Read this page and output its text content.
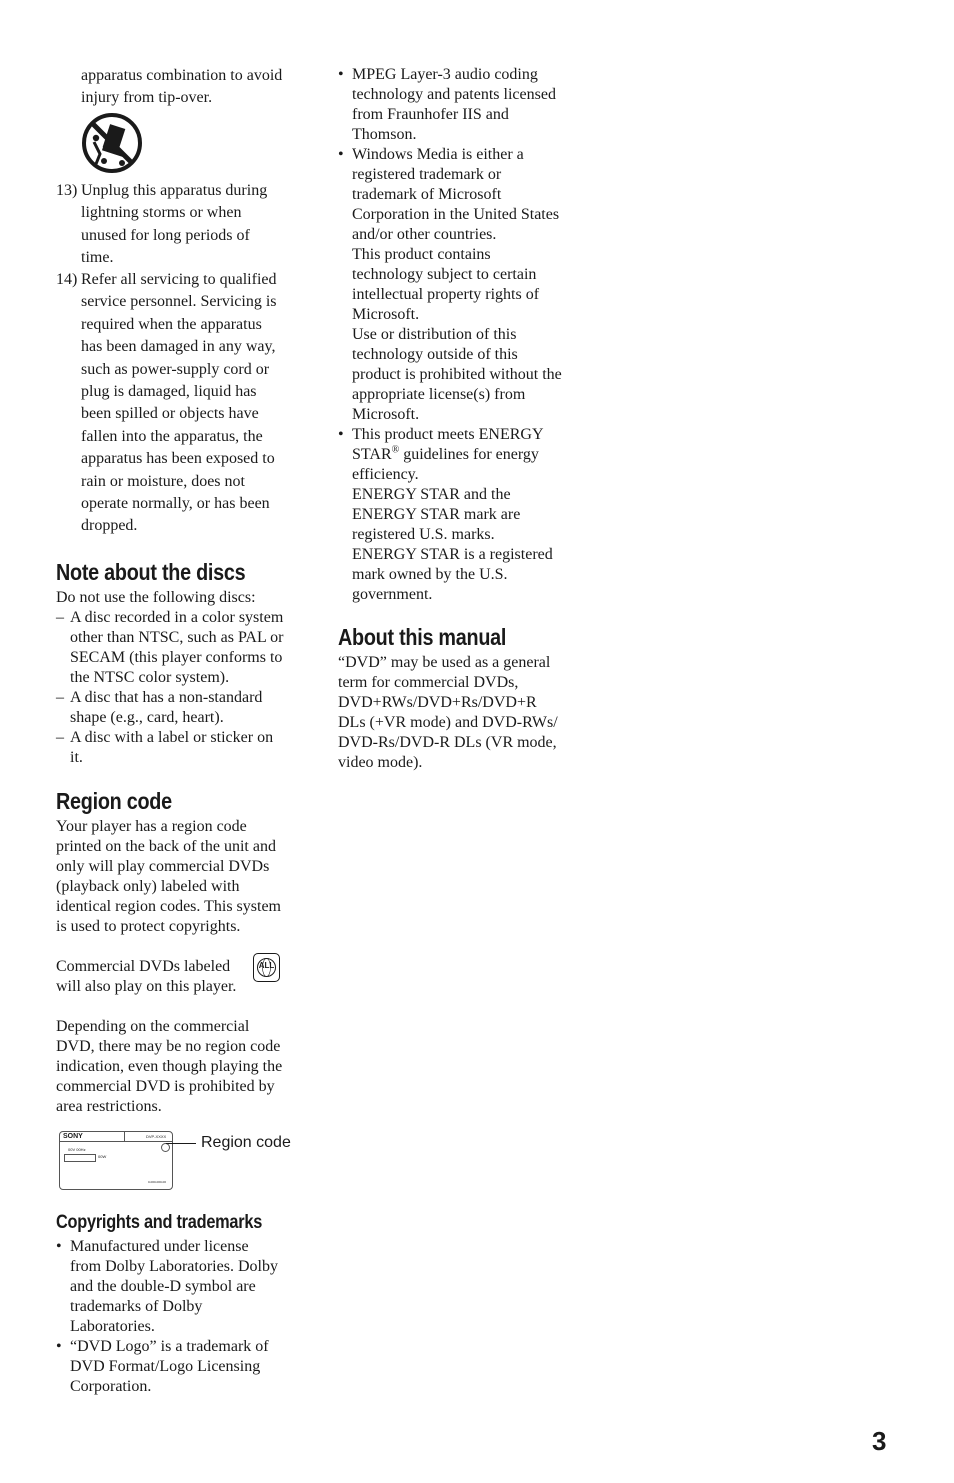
apparatus combination to avoid
injury from tip-over.
13) Unplug this apparatus during
lightning storms or when
unused for long periods of
time.
14) Refer all servicing to qualified
service personnel. Servicing is
required when the apparatus
has been damaged in any way,
such as power-supply cord or
plug is damaged, liquid has
been spilled or objects have
fallen into the apparatus, the
apparatus has been exposed to
rain or moisture, does not
operate normally, or has been
dropped.
Note about the discs
Do not use the following discs:
– A disc recorded in a color system
other than NTSC, such as PAL or
SECAM (this player conforms to
the NTSC color system).
– A disc that has a non-standard
shape (e.g., card, heart).
– A disc with a label or sticker on
it.
Region code
Your player has a region code
printed on the back of the unit and
only will play commercial DVDs
(playback only) labeled with
identical region codes. This system
is used to protect copyrights.
Commercial DVDs labeled
will also play on this player.
ALL
Depending on the commercial
DVD, there may be no region code
indication, even though playing the
commercial DVD is prohibited by
area restrictions.
SONY	DVP-XXXX
00V 00Hz
00W
0-000-000-00
Region code
Copyrights and trademarks
• Manufactured under license
from Dolby Laboratories. Dolby
and the double-D symbol are
trademarks of Dolby
Laboratories.
• “DVD Logo” is a trademark of
DVD Format/Logo Licensing
Corporation.
• MPEG Layer-3 audio coding
technology and patents licensed
from Fraunhofer IIS and
Thomson.
• Windows Media is either a
registered trademark or
trademark of Microsoft
Corporation in the United States
and/or other countries.
This product contains
technology subject to certain
intellectual property rights of
Microsoft.
Use or distribution of this
technology outside of this
product is prohibited without the
appropriate license(s) from
Microsoft.
• This product meets ENERGY
STAR® guidelines for energy
efficiency.
ENERGY STAR and the
ENERGY STAR mark are
registered U.S. marks.
ENERGY STAR is a registered
mark owned by the U.S.
government.
About this manual
“DVD” may be used as a general
term for commercial DVDs,
DVD+RWs/DVD+Rs/DVD+R
DLs (+VR mode) and DVD-RWs/
DVD-Rs/DVD-R DLs (VR mode,
video mode).
3
